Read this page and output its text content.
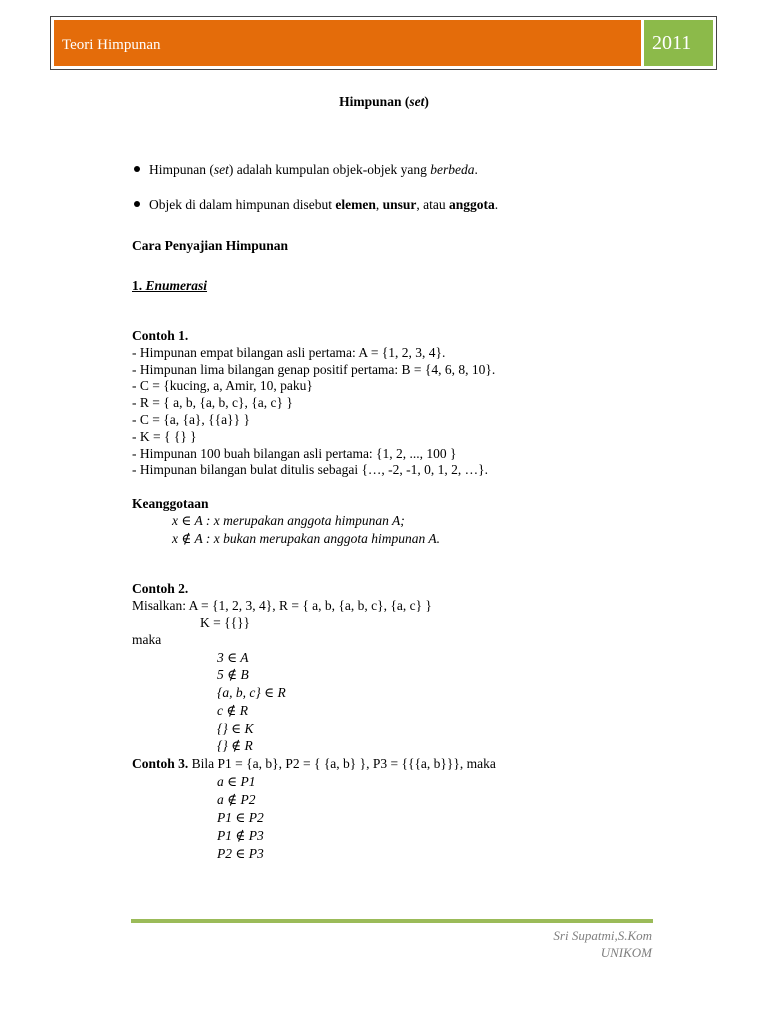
Teori Himpunan	2011
Himpunan (set)
Himpunan (set) adalah kumpulan objek-objek yang berbeda.
Objek di dalam himpunan disebut elemen, unsur, atau anggota.
Cara Penyajian Himpunan
1. Enumerasi
Contoh 1.
- Himpunan empat bilangan asli pertama: A = {1, 2, 3, 4}.
- Himpunan lima bilangan genap positif pertama: B = {4, 6, 8, 10}.
- C = {kucing, a, Amir, 10, paku}
- R = { a, b, {a, b, c}, {a, c} }
- C = {a, {a}, {{a}} }
- K = { {} }
- Himpunan 100 buah bilangan asli pertama: {1, 2, ..., 100 }
- Himpunan bilangan bulat ditulis sebagai {…, -2, -1, 0, 1, 2, …}.
Keanggotaan
x ∈ A : x merupakan anggota himpunan A;
x ∉ A : x bukan merupakan anggota himpunan A.
Contoh 2.
Misalkan: A = {1, 2, 3, 4}, R = { a, b, {a, b, c}, {a, c} }
K = {{}}
maka
3 ∈ A
5 ∉ B
{a, b, c} ∈ R
c ∉ R
{} ∈ K
{} ∉ R
Contoh 3. Bila P1 = {a, b}, P2 = { {a, b} }, P3 = {{{a, b}}}, maka
a ∈ P1
a ∉ P2
P1 ∈ P2
P1 ∉ P3
P2 ∈ P3
Sri Supatmi,S.Kom
UNIKOM
